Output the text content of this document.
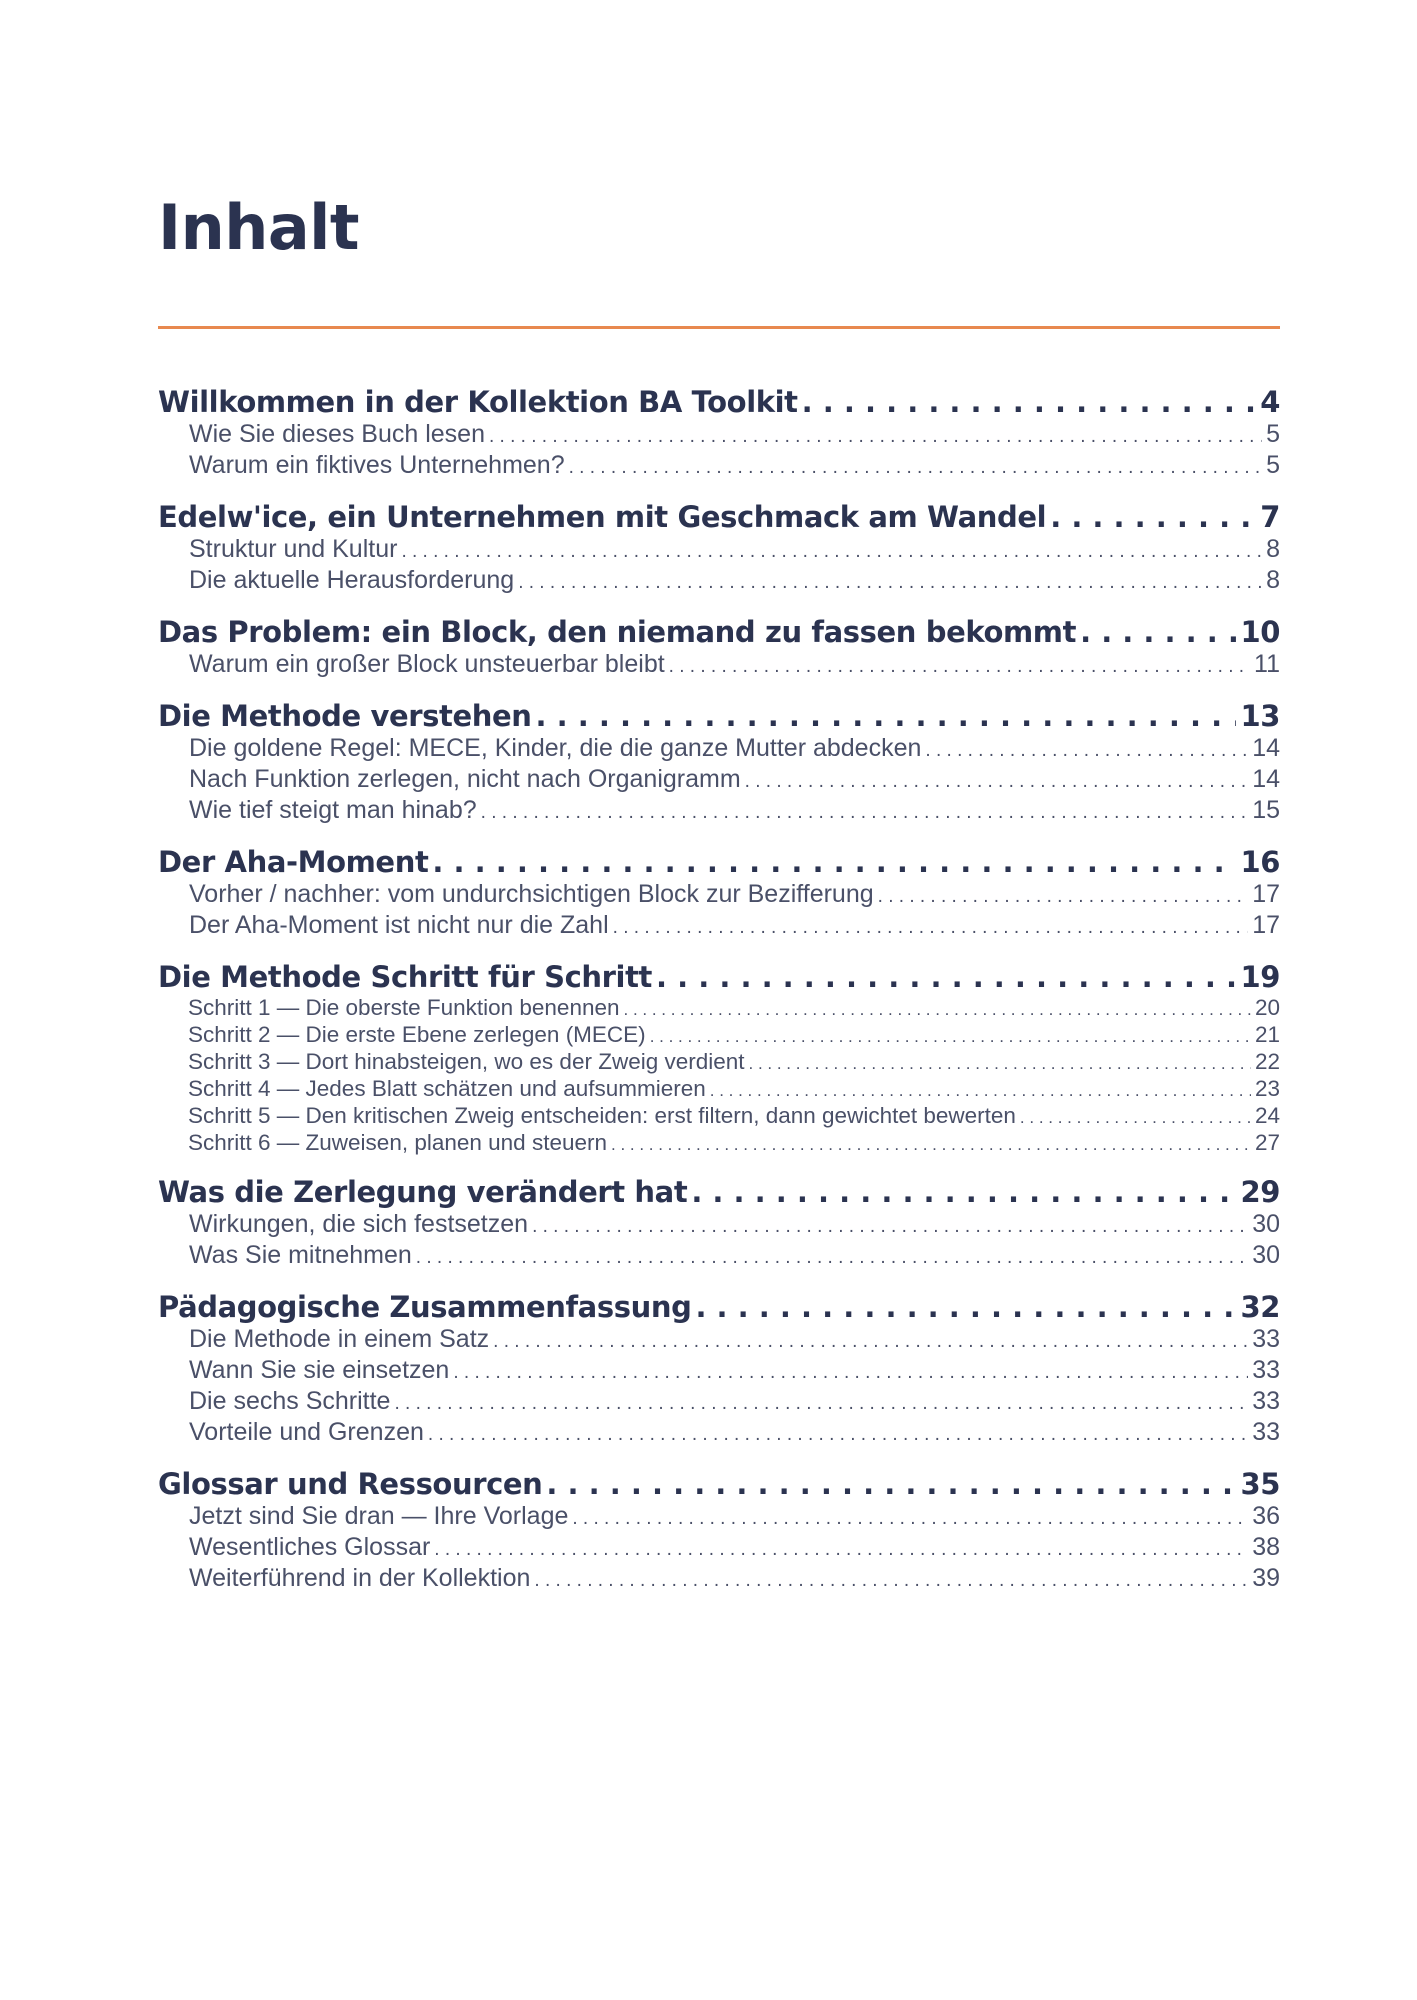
Inhalt
Willkommen in der Kollektion BA Toolkit . . .	4
Wie Sie dieses Buch lesen . . .	5
Warum ein fiktives Unternehmen? . . .	5
Edelw'ice, ein Unternehmen mit Geschmack am Wandel . . .	7
Struktur und Kultur . . .	8
Die aktuelle Herausforderung . . .	8
Das Problem: ein Block, den niemand zu fassen bekommt . . .	10
Warum ein großer Block unsteuerbar bleibt . . .	11
Die Methode verstehen . . .	13
Die goldene Regel: MECE, Kinder, die die ganze Mutter abdecken . . .	14
Nach Funktion zerlegen, nicht nach Organigramm . . .	14
Wie tief steigt man hinab? . . .	15
Der Aha-Moment . . .	16
Vorher / nachher: vom undurchsichtigen Block zur Bezifferung . . .	17
Der Aha-Moment ist nicht nur die Zahl . . .	17
Die Methode Schritt für Schritt . . .	19
Schritt 1 — Die oberste Funktion benennen . . .	20
Schritt 2 — Die erste Ebene zerlegen (MECE) . . .	21
Schritt 3 — Dort hinabsteigen, wo es der Zweig verdient . . .	22
Schritt 4 — Jedes Blatt schätzen und aufsummieren . . .	23
Schritt 5 — Den kritischen Zweig entscheiden: erst filtern, dann gewichtet bewerten . . .	24
Schritt 6 — Zuweisen, planen und steuern . . .	27
Was die Zerlegung verändert hat . . .	29
Wirkungen, die sich festsetzen . . .	30
Was Sie mitnehmen . . .	30
Pädagogische Zusammenfassung . . .	32
Die Methode in einem Satz . . .	33
Wann Sie sie einsetzen . . .	33
Die sechs Schritte . . .	33
Vorteile und Grenzen . . .	33
Glossar und Ressourcen . . .	35
Jetzt sind Sie dran — Ihre Vorlage . . .	36
Wesentliches Glossar . . .	38
Weiterführend in der Kollektion . . .	39
